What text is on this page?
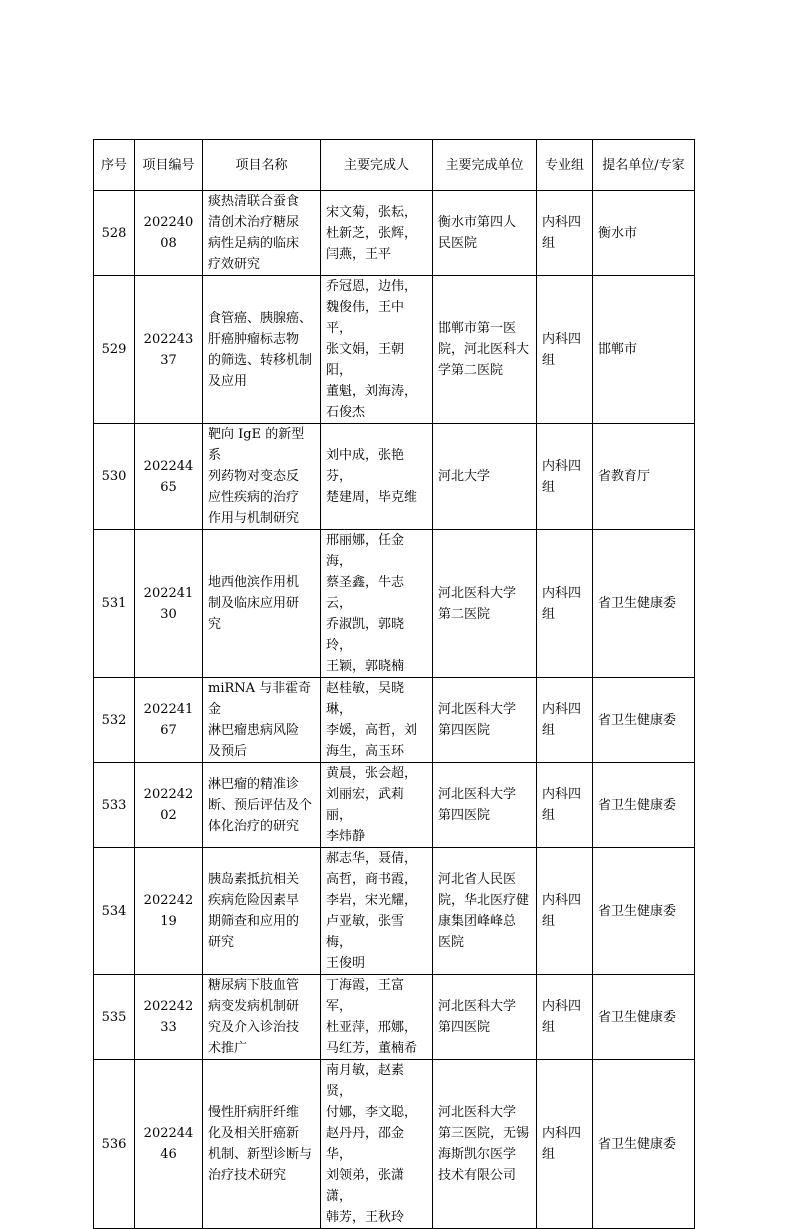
序号	项目编号	项目名称	主要完成人	主要完成单位	专业组	提名单位/专家
528	20224008	痰热清联合蚕食
清创术治疗糖尿
病性足病的临床
疗效研究	宋文菊，张耘，
杜新芝，张辉，
闫燕，王平	衡水市第四人
民医院	内科四
组	衡水市
529	20224337	食管癌、胰腺癌、
肝癌肿瘤标志物
的筛选、转移机制
及应用	乔冠恩，边伟，
魏俊伟，王中平，
张文娟，王朝阳，
董魁，刘海涛，
石俊杰	邯郸市第一医
院，河北医科大
学第二医院	内科四
组	邯郸市
530	20224465	靶向 IgE 的新型系
列药物对变态反
应性疾病的治疗
作用与机制研究	刘中成，张艳芬，
楚建周，毕克维	河北大学	内科四
组	省教育厅
531	20224130	地西他滨作用机
制及临床应用研
究	邢丽娜，任金海，
蔡圣鑫，牛志云，
乔淑凯，郭晓玲，
王颖，郭晓楠	河北医科大学
第二医院	内科四
组	省卫生健康委
532	20224167	miRNA 与非霍奇金
淋巴瘤患病风险
及预后	赵桂敏，吴晓琳，
李媛，高哲，刘
海生，高玉环	河北医科大学
第四医院	内科四
组	省卫生健康委
533	20224202	淋巴瘤的精准诊
断、预后评估及个
体化治疗的研究	黄晨，张会超，
刘丽宏，武莉丽，
李炜静	河北医科大学
第四医院	内科四
组	省卫生健康委
534	20224219	胰岛素抵抗相关
疾病危险因素早
期筛查和应用的
研究	郝志华，聂倩，
高哲，商书霞，
李岩，宋光耀，
卢亚敏，张雪梅，
王俊明	河北省人民医
院，华北医疗健
康集团峰峰总
医院	内科四
组	省卫生健康委
535	20224233	糖尿病下肢血管
病变发病机制研
究及介入诊治技
术推广	丁海霞，王富军，
杜亚萍，邢娜，
马红芳，董楠希	河北医科大学
第四医院	内科四
组	省卫生健康委
536	20224446	慢性肝病肝纤维
化及相关肝癌新
机制、新型诊断与
治疗技术研究	南月敏，赵素贤，
付娜，李文聪，
赵丹丹，邵金华，
刘领弟，张潇潇，
韩芳，王秋玲	河北医科大学
第三医院，无锡
海斯凯尔医学
技术有限公司	内科四
组	省卫生健康委
